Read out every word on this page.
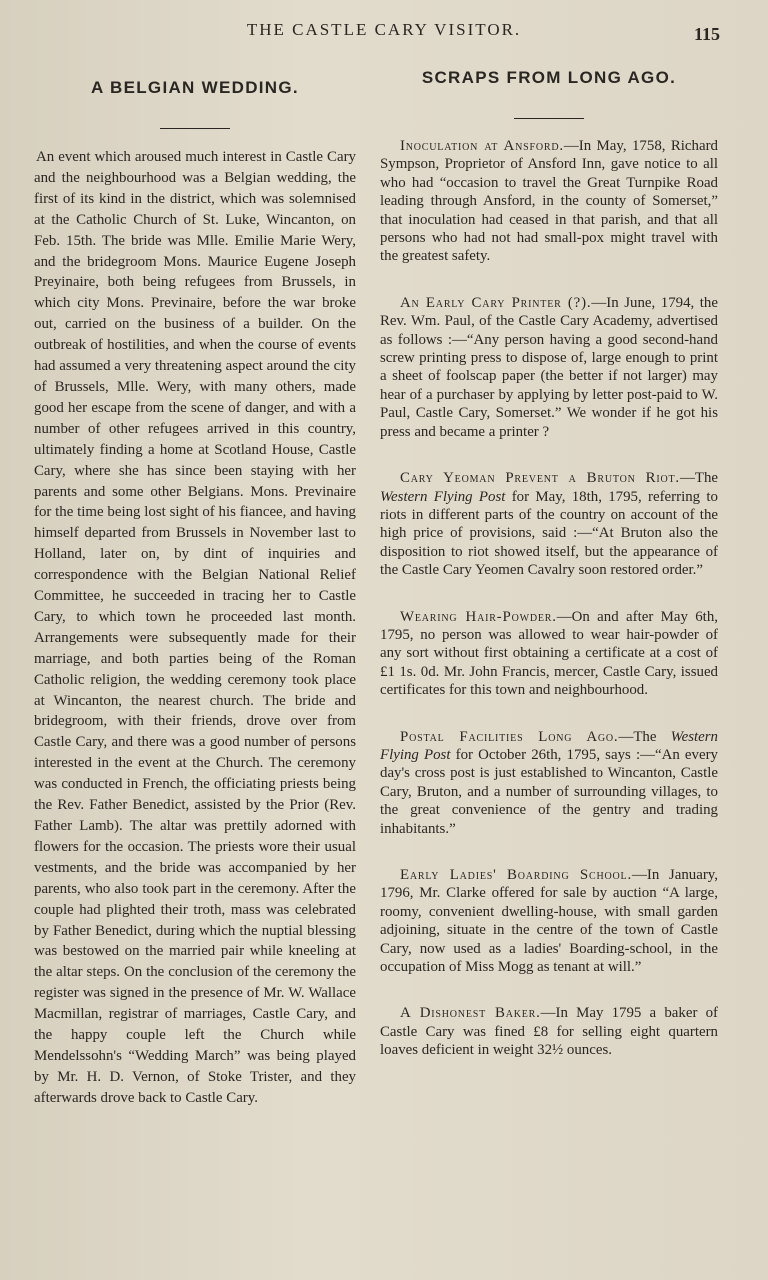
THE CASTLE CARY VISITOR.	115
A BELGIAN WEDDING.

An event which aroused much interest in Castle Cary and the neighbourhood was a Belgian wedding, the first of its kind in the district, which was solemnised at the Catholic Church of St. Luke, Wincanton, on Feb. 15th. The bride was Mlle. Emilie Marie Wery, and the bridegroom Mons. Maurice Eugene Joseph Preyinaire, both being refugees from Brussels, in which city Mons. Previnaire, before the war broke out, carried on the business of a builder. On the outbreak of hostilities, and when the course of events had assumed a very threatening aspect around the city of Brussels, Mlle. Wery, with many others, made good her escape from the scene of danger, and with a number of other refugees arrived in this country, ultimately finding a home at Scotland House, Castle Cary, where she has since been staying with her parents and some other Belgians. Mons. Previnaire for the time being lost sight of his fiancee, and having himself departed from Brussels in November last to Holland, later on, by dint of inquiries and correspondence with the Belgian National Relief Committee, he succeeded in tracing her to Castle Cary, to which town he proceeded last month. Arrangements were subsequently made for their marriage, and both parties being of the Roman Catholic religion, the wedding ceremony took place at Wincanton, the nearest church. The bride and bridegroom, with their friends, drove over from Castle Cary, and there was a good number of persons interested in the event at the Church. The ceremony was conducted in French, the officiating priests being the Rev. Father Benedict, assisted by the Prior (Rev. Father Lamb). The altar was prettily adorned with flowers for the occasion. The priests wore their usual vestments, and the bride was accompanied by her parents, who also took part in the ceremony. After the couple had plighted their troth, mass was celebrated by Father Benedict, during which the nuptial blessing was bestowed on the married pair while kneeling at the altar steps. On the conclusion of the ceremony the register was signed in the presence of Mr. W. Wallace Macmillan, registrar of marriages, Castle Cary, and the happy couple left the Church while Mendelssohn's “Wedding March” was being played by Mr. H. D. Vernon, of Stoke Trister, and they afterwards drove back to Castle Cary.

SCRAPS FROM LONG AGO.

Inoculation at Ansford.—In May, 1758, Richard Sympson, Proprietor of Ansford Inn, gave notice to all who had “occasion to travel the Great Turnpike Road leading through Ansford, in the county of Somerset,” that inoculation had ceased in that parish, and that all persons who had not had small-pox might travel with the greatest safety.

An Early Cary Printer (?).—In June, 1794, the Rev. Wm. Paul, of the Castle Cary Academy, advertised as follows :—“Any person having a good second-hand screw printing press to dispose of, large enough to print a sheet of foolscap paper (the better if not larger) may hear of a purchaser by applying by letter post-paid to W. Paul, Castle Cary, Somerset.” We wonder if he got his press and became a printer ?

Cary Yeoman Prevent a Bruton Riot.—The Western Flying Post for May, 18th, 1795, referring to riots in different parts of the country on account of the high price of provisions, said :—“At Bruton also the disposition to riot showed itself, but the appearance of the Castle Cary Yeomen Cavalry soon restored order.”

Wearing Hair-Powder.—On and after May 6th, 1795, no person was allowed to wear hair-powder of any sort without first obtaining a certificate at a cost of £1 1s. 0d. Mr. John Francis, mercer, Castle Cary, issued certificates for this town and neighbourhood.

Postal Facilities Long Ago.—The Western Flying Post for October 26th, 1795, says :—“An every day's cross post is just established to Wincanton, Castle Cary, Bruton, and a number of surrounding villages, to the great convenience of the gentry and trading inhabitants.”

Early Ladies' Boarding School.—In January, 1796, Mr. Clarke offered for sale by auction “A large, roomy, convenient dwelling-house, with small garden adjoining, situate in the centre of the town of Castle Cary, now used as a ladies' Boarding-school, in the occupation of Miss Mogg as tenant at will.”

A Dishonest Baker.—In May 1795 a baker of Castle Cary was fined £8 for selling eight quartern loaves deficient in weight 32½ ounces.
